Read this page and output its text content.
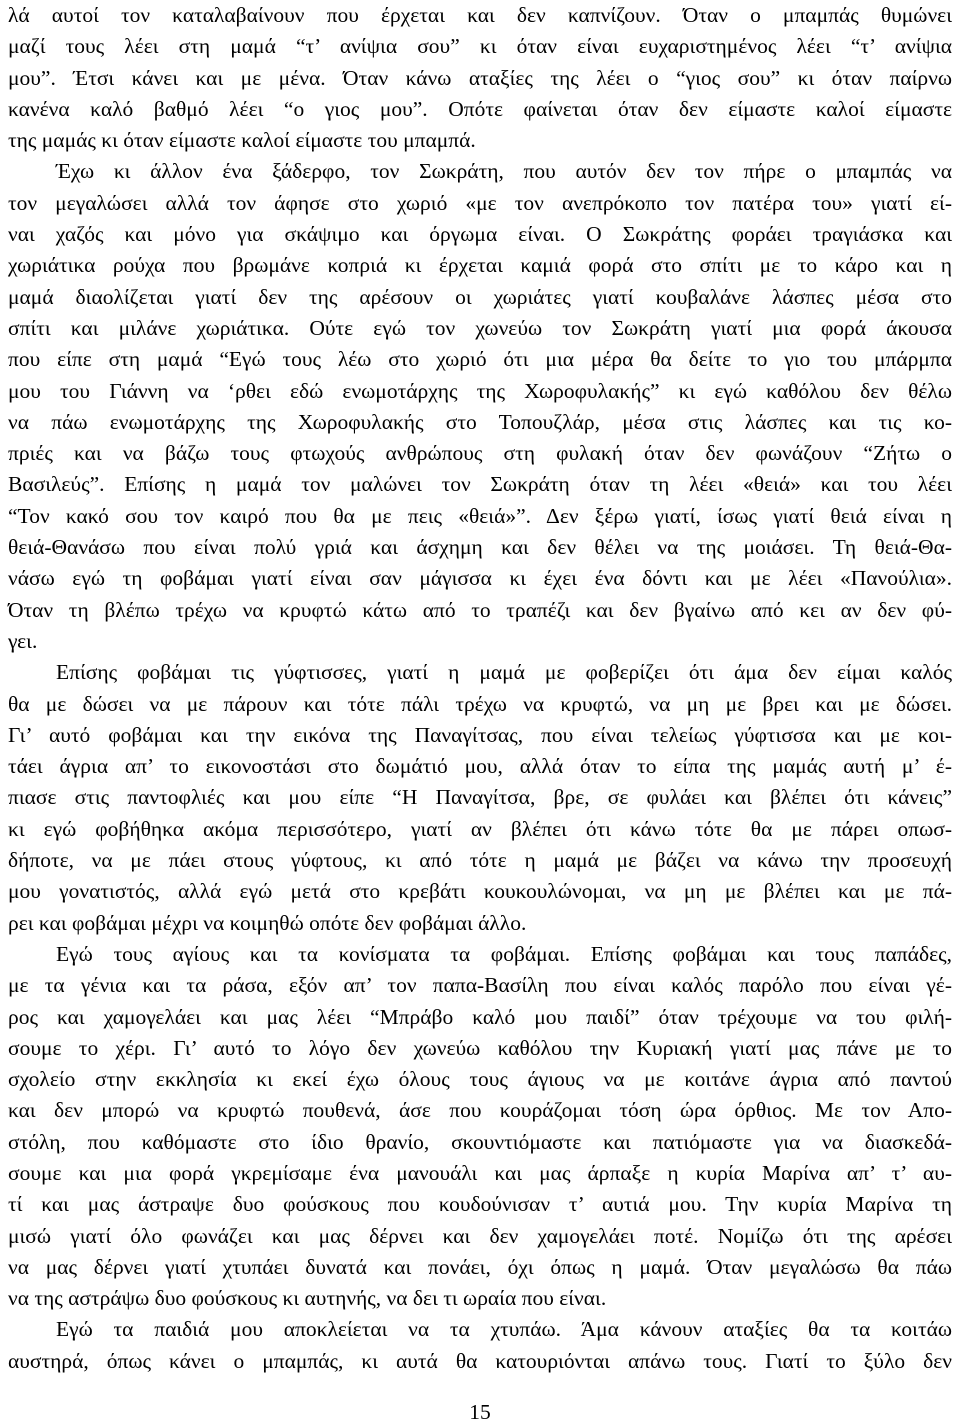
λά αυτοί τον καταλαβαίνουν που έρχεται και δεν καπνίζουν. Όταν ο μπαμπάς θυμώνει
μαζί τους λέει στη μαμά “τ’ ανίψια σου” κι όταν είναι ευχαριστημένος λέει “τ’ ανίψια
μου”. Έτσι κάνει και με μένα. Όταν κάνω αταξίες της λέει ο “γιος σου” κι όταν παίρνω
κανένα καλό βαθμό λέει “ο γιος μου”. Οπότε φαίνεται όταν δεν είμαστε καλοί είμαστε
της μαμάς κι όταν είμαστε καλοί είμαστε του μπαμπά.
Έχω κι άλλον ένα ξάδερφο, τον Σωκράτη, που αυτόν δεν τον πήρε ο μπαμπάς να
τον μεγαλώσει αλλά τον άφησε στο χωριό «με τον ανεπρόκοπο τον πατέρα του» γιατί εί-
ναι χαζός και μόνο για σκάψιμο και όργωμα είναι. Ο Σωκράτης φοράει τραγιάσκα και
χωριάτικα ρούχα που βρωμάνε κοπριά κι έρχεται καμιά φορά στο σπίτι με το κάρο και η
μαμά διαολίζεται γιατί δεν της αρέσουν οι χωριάτες γιατί κουβαλάνε λάσπες μέσα στο
σπίτι και μιλάνε χωριάτικα. Ούτε εγώ τον χωνεύω τον Σωκράτη γιατί μια φορά άκουσα
που είπε στη μαμά “Εγώ τους λέω στο χωριό ότι μια μέρα θα δείτε το γιο του μπάρμπα
μου του Γιάννη να ‘ρθει εδώ ενωμοτάρχης της Χωροφυλακής” κι εγώ καθόλου δεν θέλω
να πάω ενωμοτάρχης της Χωροφυλακής στο Τοπουζλάρ, μέσα στις λάσπες και τις κο-
πριές και να βάζω τους φτωχούς ανθρώπους στη φυλακή όταν δεν φωνάζουν “Ζήτω ο
Βασιλεύς”. Επίσης η μαμά τον μαλώνει τον Σωκράτη όταν τη λέει «θειά» και του λέει
“Τον κακό σου τον καιρό που θα με πεις «θειά»”. Δεν ξέρω γιατί, ίσως γιατί θειά είναι η
θειά-Θανάσω που είναι πολύ γριά και άσχημη και δεν θέλει να της μοιάσει. Τη θειά-Θα-
νάσω εγώ τη φοβάμαι γιατί είναι σαν μάγισσα κι έχει ένα δόντι και με λέει «Πανούλια».
Όταν τη βλέπω τρέχω να κρυφτώ κάτω από το τραπέζι και δεν βγαίνω από κει αν δεν φύ-
γει.
Επίσης φοβάμαι τις γύφτισσες, γιατί η μαμά με φοβερίζει ότι άμα δεν είμαι καλός
θα με δώσει να με πάρουν και τότε πάλι τρέχω να κρυφτώ, να μη με βρει και με δώσει.
Γι’ αυτό φοβάμαι και την εικόνα της Παναγίτσας, που είναι τελείως γύφτισσα και με κοι-
τάει άγρια απ’ το εικονοστάσι στο δωμάτιό μου, αλλά όταν το είπα της μαμάς αυτή μ’ έ-
πιασε στις παντοφλιές και μου είπε “Η Παναγίτσα, βρε, σε φυλάει και βλέπει ότι κάνεις”
κι εγώ φοβήθηκα ακόμα περισσότερο, γιατί αν βλέπει ότι κάνω τότε θα με πάρει οπωσ-
δήποτε, να με πάει στους γύφτους, κι από τότε η μαμά με βάζει να κάνω την προσευχή
μου γονατιστός, αλλά εγώ μετά στο κρεβάτι κουκουλώνομαι, να μη με βλέπει και με πά-
ρει και φοβάμαι μέχρι να κοιμηθώ οπότε δεν φοβάμαι άλλο.
Εγώ τους αγίους και τα κονίσματα τα φοβάμαι. Επίσης φοβάμαι και τους παπάδες,
με τα γένια και τα ράσα, εξόν απ’ τον παπα-Βασίλη που είναι καλός παρόλο που είναι γέ-
ρος και χαμογελάει και μας λέει “Μπράβο καλό μου παιδί” όταν τρέχουμε να του φιλή-
σουμε το χέρι. Γι’ αυτό το λόγο δεν χωνεύω καθόλου την Κυριακή γιατί μας πάνε με το
σχολείο στην εκκλησία κι εκεί έχω όλους τους άγιους να με κοιτάνε άγρια από παντού
και δεν μπορώ να κρυφτώ πουθενά, άσε που κουράζομαι τόση ώρα όρθιος. Με τον Απο-
στόλη, που καθόμαστε στο ίδιο θρανίο, σκουντιόμαστε και πατιόμαστε για να διασκεδά-
σουμε και μια φορά γκρεμίσαμε ένα μανουάλι και μας άρπαξε η κυρία Μαρίνα απ’ τ’ αυ-
τί και μας άστραψε δυο φούσκους που κουδούνισαν τ’ αυτιά μου. Την κυρία Μαρίνα τη
μισώ γιατί όλο φωνάζει και μας δέρνει και δεν χαμογελάει ποτέ. Νομίζω ότι της αρέσει
να μας δέρνει γιατί χτυπάει δυνατά και πονάει, όχι όπως η μαμά. Όταν μεγαλώσω θα πάω
να της αστράψω δυο φούσκους κι αυτηνής, να δει τι ωραία που είναι.
Εγώ τα παιδιά μου αποκλείεται να τα χτυπάω. Άμα κάνουν αταξίες θα τα κοιτάω
αυστηρά, όπως κάνει ο μπαμπάς, κι αυτά θα κατουριόνται απάνω τους. Γιατί το ξύλο δεν
15
